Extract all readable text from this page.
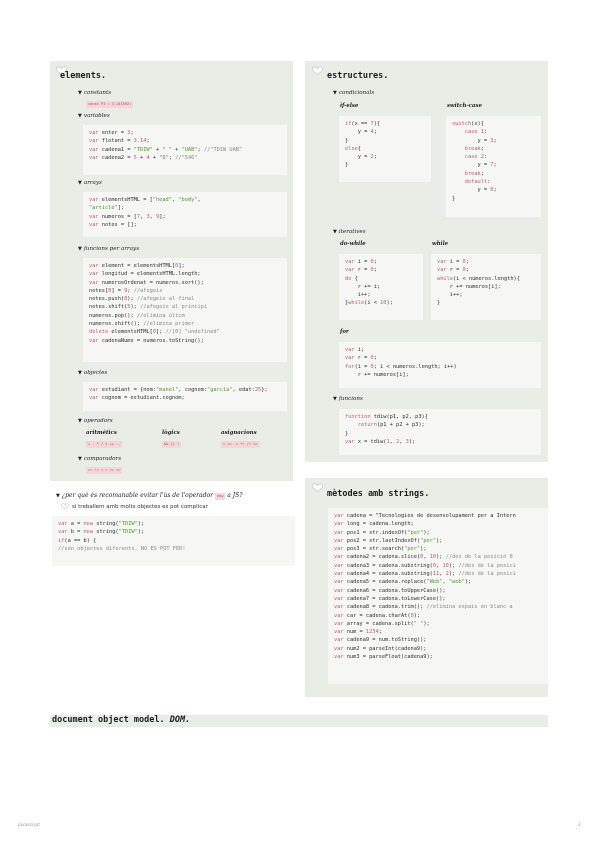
elements.
▼ constants
const PI = 3.141592;
▼ variables
var enter = 3;
var flotant = 3.14;
var cadena1 = "TDIW" + " " + "UAB"; //"TDIW UAB"
var cadena2 = 5 + 4 + "6"; //"546"
▼ arrays
var elementsHTML = ["head", "body",
"article"];
var numeros = [7, 3, 9];
var notes = [];
▼ funcions per arrays
var element = elementsHTML[0];
var longitud = elementsHTML.length;
var numerosOrdenat = numeros.sort();
notes[0] = 9; //afegeix
notes.push(8); //afegeix al final
notes.shift(5); //afegeix al principi
numeros.pop(); //elimina últim
numeros.shift(); //elimina primer
delete elementsHTML[0]; //[0] "undefined"
var cadenaNums = numeros.toString();
▼ objectes
var estudiant = {nom:"manel", cognom:"garcia", edat:25};
var cognom = estudiant.cognom;
▼ operadors
aritmètics	lògics	asignacions
+ - * / % ++ --	&& || !	= += -= *= /= %=
▼ comparadors
== != > < >= <=
▼ ¿per què és recomanable evitar l'ús de l'operador new a JS?
si treballem amb molts objectes es pot complicar
var a = new string("TDIW");
var b = new string("TDIW");
if(a == b) {
//són objectes diferents, NO ES POT FER!
estructures.
▼ condicionals
if-else	switch-case
if(x == 7){
y = 4;
}
else{
y = 2;
}
switch(x){
case 1:
y = 3;
break;
case 2:
y = 7;
break;
default:
y = 0;
}
▼ iteratives
do-while	while
var i = 0;
var r = 0;
do {
r += i;
i++;
}while(i < 10);
var i = 0;
var r = 0;
while(i < numeros.length){
r += numeros[i];
i++;
}
for
var i;
var r = 0;
for(i = 0; i < numeros.length; i++)
r += numeros[i];
▼ funcions
function tdiw(p1, p2, p3){
return(p1 + p2 + p3);
}
var x = tdiw(1, 2, 3);
mètodes amb strings.
var cadena = "Tecnologies de desenvolupament per a Intern
var long = cadena.length;
var pos1 = str.indexOf("per");
var pos2 = str.lastIndexOf("per");
var pos3 = str.search("per");
var cadena2 = cadena.slice(0, 10); //des de la posició 0
var cadena3 = cadena.substring(0, 10); //des de la posici
var cadena4 = cadena.substring(11, 2); //des de la posici
var cadena5 = cadena.replace("Web", "web");
var cadena6 = cadena.toUpperCase();
var cadena7 = cadena.toLowerCase();
var cadena8 = cadena.trim(); //elimina espais en blanc a
var car = cadena.charAt(0);
var array = cadena.split(" ");
var num = 1234;
var cadena9 = num.toString();
var num2 = parseInt(cadena9);
var num3 = parseFloat(cadena9);
document object model. DOM.
javascript	2
